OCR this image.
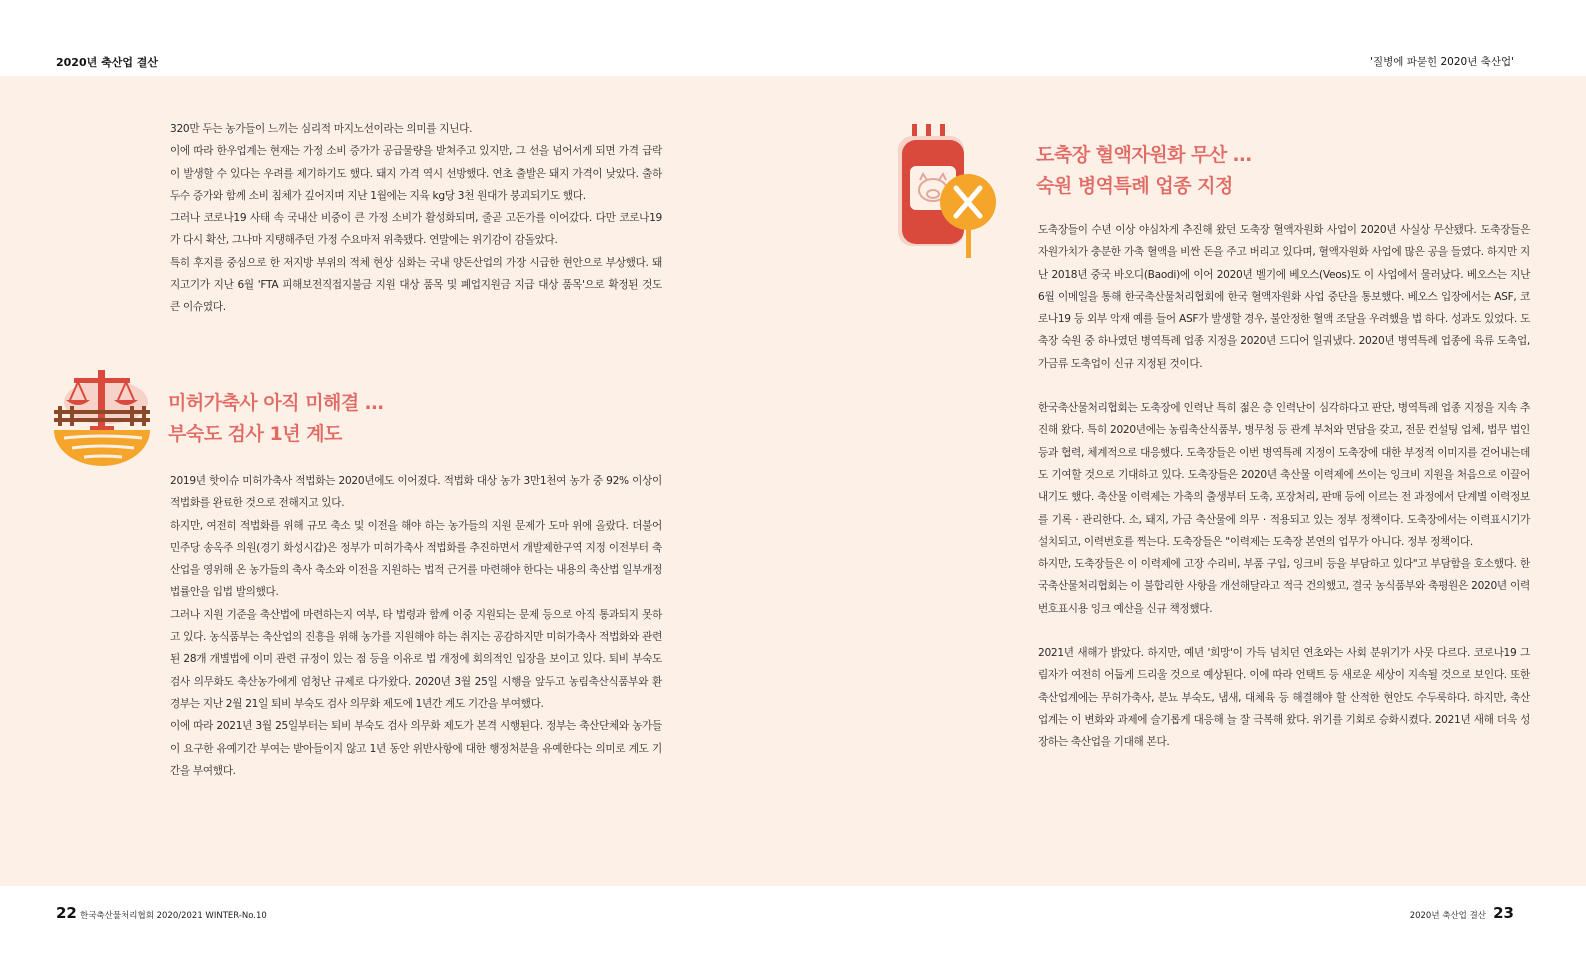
2020년 축산업 결산	'질병에 파묻힌 2020년 축산업'

320만 두는 농가들이 느끼는 심리적 마지노선이라는 의미를 지닌다.

이에 따라 한우업계는 현재는 가정 소비 증가가 공급물량을 받쳐주고 있지만, 그 선을 넘어서게 되면 가격 급락이 발생할 수 있다는 우려를 제기하기도 했다. 돼지 가격 역시 선방했다. 연초 출발은 돼지 가격이 낮았다. 출하두수 증가와 함께 소비 침체가 깊어지며 지난 1월에는 지육 kg당 3천 원대가 붕괴되기도 했다.

그러나 코로나19 사태 속 국내산 비중이 큰 가정 소비가 활성화되며, 줄곧 고돈가를 이어갔다. 다만 코로나19가 다시 확산, 그나마 지탱해주던 가정 수요마저 위축됐다. 연말에는 위기감이 감돌았다.

특히 후지를 중심으로 한 저지방 부위의 적체 현상 심화는 국내 양돈산업의 가장 시급한 현안으로 부상했다. 돼지고기가 지난 6월 'FTA 피해보전직접지불금 지원 대상 품목 및 폐업지원금 지급 대상 품목'으로 확정된 것도 큰 이슈였다.

미허가축사 아직 미해결 …
부숙도 검사 1년 계도

2019년 핫이슈 미허가축사 적법화는 2020년에도 이어졌다. 적법화 대상 농가 3만1천여 농가 중 92% 이상이 적법화를 완료한 것으로 전해지고 있다.

하지만, 여전히 적법화를 위해 규모 축소 및 이전을 해야 하는 농가들의 지원 문제가 도마 위에 올랐다. 더불어민주당 송옥주 의원(경기 화성시갑)은 정부가 미허가축사 적법화를 추진하면서 개발제한구역 지정 이전부터 축산업을 영위해 온 농가들의 축사 축소와 이전을 지원하는 법적 근거를 마련해야 한다는 내용의 축산법 일부개정 법률안을 입법 발의했다.

그러나 지원 기준을 축산법에 마련하는지 여부, 타 법령과 함께 이중 지원되는 문제 등으로 아직 통과되지 못하고 있다. 농식품부는 축산업의 진흥을 위해 농가를 지원해야 하는 취지는 공감하지만 미허가축사 적법화와 관련된 28개 개별법에 이미 관련 규정이 있는 점 등을 이유로 법 개정에 회의적인 입장을 보이고 있다. 퇴비 부숙도 검사 의무화도 축산농가에게 엄청난 규제로 다가왔다. 2020년 3월 25일 시행을 앞두고 농림축산식품부와 환경부는 지난 2월 21일 퇴비 부숙도 검사 의무화 제도에 1년간 계도 기간을 부여했다.

이에 따라 2021년 3월 25일부터는 퇴비 부숙도 검사 의무화 제도가 본격 시행된다. 정부는 축산단체와 농가들이 요구한 유예기간 부여는 받아들이지 않고 1년 동안 위반사항에 대한 행정처분을 유예한다는 의미로 계도 기간을 부여했다.

도축장 혈액자원화 무산 …
숙원 병역특례 업종 지정

도축장들이 수년 이상 야심차게 추진해 왔던 도축장 혈액자원화 사업이 2020년 사실상 무산됐다. 도축장들은 자원가치가 충분한 가축 혈액을 비싼 돈을 주고 버리고 있다며, 혈액자원화 사업에 많은 공을 들였다. 하지만 지난 2018년 중국 바오디(Baodi)에 이어 2020년 벨기에 베오스(Veos)도 이 사업에서 물러났다. 베오스는 지난 6월 이메일을 통해 한국축산물처리협회에 한국 혈액자원화 사업 중단을 통보했다. 베오스 입장에서는 ASF, 코로나19 등 외부 악재 예를 들어 ASF가 발생할 경우, 불안정한 혈액 조달을 우려했을 법 하다. 성과도 있었다. 도축장 숙원 중 하나였던 병역특례 업종 지정을 2020년 드디어 일궈냈다. 2020년 병역특례 업종에 육류 도축업, 가금류 도축업이 신규 지정된 것이다.

한국축산물처리협회는 도축장에 인력난 특히 젊은 층 인력난이 심각하다고 판단, 병역특례 업종 지정을 지속 추진해 왔다. 특히 2020년에는 농림축산식품부, 병무청 등 관계 부처와 면담을 갖고, 전문 컨설팅 업체, 법무 법인 등과 협력, 체계적으로 대응했다. 도축장들은 이번 병역특례 지정이 도축장에 대한 부정적 이미지를 걷어내는데도 기여할 것으로 기대하고 있다. 도축장들은 2020년 축산물 이력제에 쓰이는 잉크비 지원을 처음으로 이끌어내기도 했다. 축산물 이력제는 가축의 출생부터 도축, 포장처리, 판매 등에 이르는 전 과정에서 단계별 이력정보를 기록 · 관리한다. 소, 돼지, 가금 축산물에 의무 · 적용되고 있는 정부 정책이다. 도축장에서는 이력표시기가 설치되고, 이력번호를 찍는다. 도축장들은 "이력제는 도축장 본연의 업무가 아니다. 정부 정책이다.

하지만, 도축장들은 이 이력제에 고장 수리비, 부품 구입, 잉크비 등을 부담하고 있다"고 부담함을 호소했다. 한국축산물처리협회는 이 불합리한 사항을 개선해달라고 적극 건의했고, 결국 농식품부와 축평원은 2020년 이력 번호표시용 잉크 예산을 신규 책정했다.

2021년 새해가 밝았다. 하지만, 예년 '희망'이 가득 넘치던 연초와는 사회 분위기가 사뭇 다르다. 코로나19 그림자가 여전히 어둡게 드리울 것으로 예상된다. 이에 따라 언택트 등 새로운 세상이 지속될 것으로 보인다. 또한 축산업계에는 무허가축사, 분뇨 부숙도, 냄새, 대체육 등 해결해야 할 산적한 현안도 수두룩하다. 하지만, 축산업계는 이 변화와 과제에 슬기롭게 대응해 늘 잘 극복해 왔다. 위기를 기회로 승화시켰다. 2021년 새해 더욱 성장하는 축산업을 기대해 본다.

22 한국축산물처리협회 2020/2021 WINTER-No.10	2020년 축산업 결산 23
